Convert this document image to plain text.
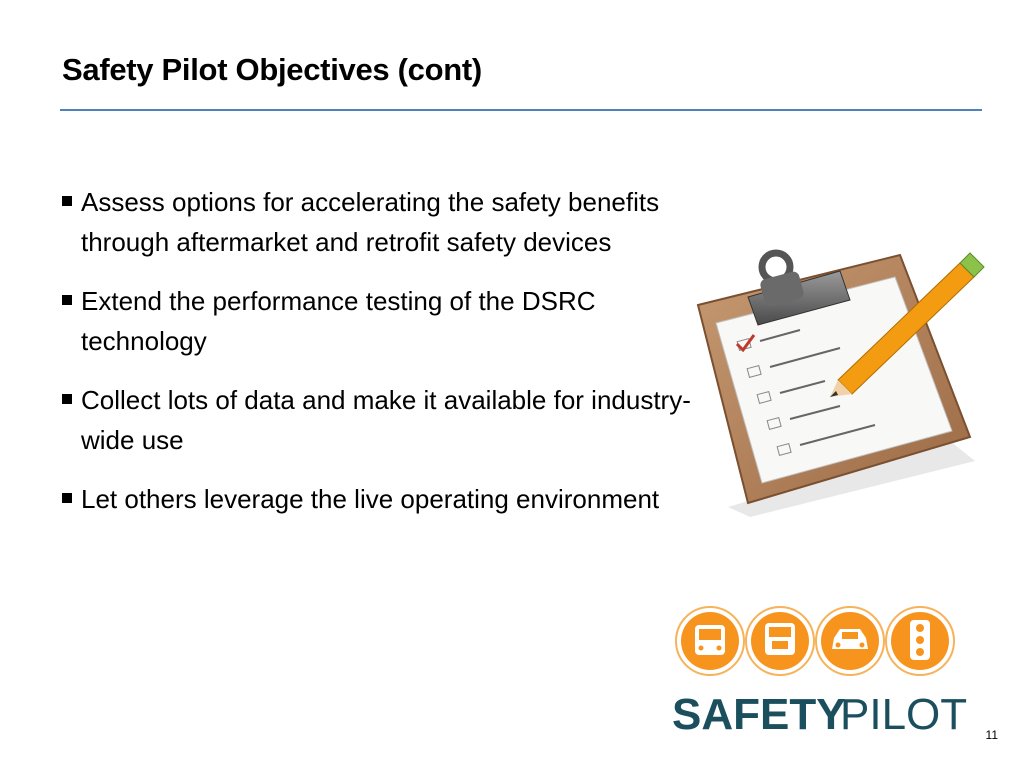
Safety Pilot Objectives (cont)
Assess options for accelerating the safety benefits through aftermarket and retrofit safety devices
Extend the performance testing of the DSRC technology
Collect lots of data and make it available for industry-wide use
Let others leverage the live operating environment
SAFETY
PILOT 11
